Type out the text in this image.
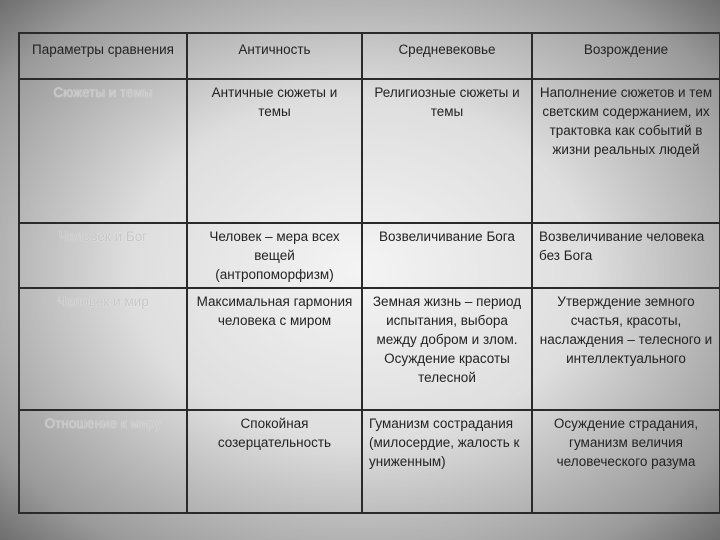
Параметры сравнения	Античность	Средневековье	Возрождение
Сюжеты и темы	Античные сюжеты и темы	Религиозные сюжеты и темы	Наполнение сюжетов и тем светским содержанием, их трактовка как событий в жизни реальных людей
Человек и Бог	Человек – мера всех вещей (антропоморфизм)	Возвеличивание Бога	Возвеличивание человека без Бога
Человек и мир	Максимальная гармония человека с миром	Земная жизнь – период испытания, выбора между добром и злом. Осуждение красоты телесной	Утверждение земного счастья, красоты, наслаждения – телесного и интеллектуального
Отношение к миру	Спокойная созерцательность	Гуманизм сострадания (милосердие, жалость к униженным)	Осуждение страдания, гуманизм величия человеческого разума
